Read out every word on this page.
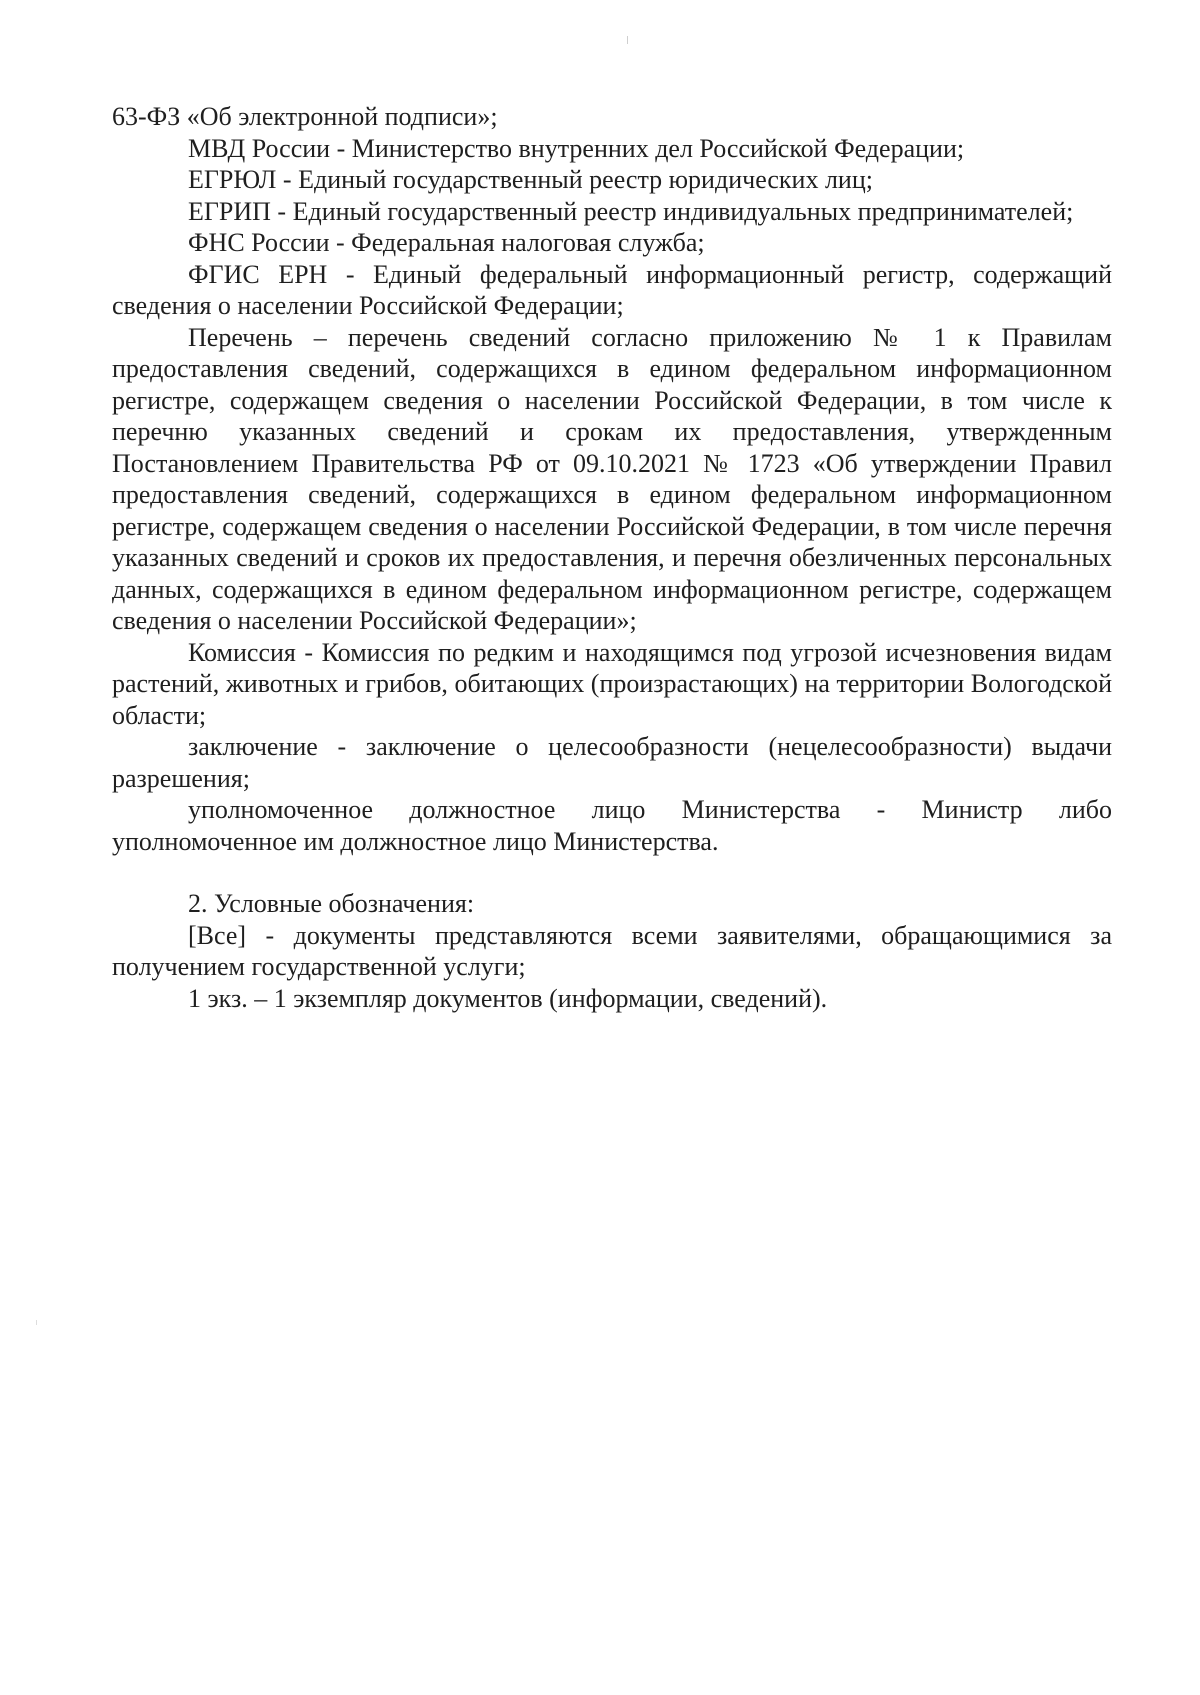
63-ФЗ «Об электронной подписи»;

МВД России - Министерство внутренних дел Российской Федерации;

ЕГРЮЛ - Единый государственный реестр юридических лиц;

ЕГРИП - Единый государственный реестр индивидуальных предпринимателей;

ФНС России - Федеральная налоговая служба;

ФГИС ЕРН - Единый федеральный информационный регистр, содержащий сведения о населении Российской Федерации;

Перечень – перечень сведений согласно приложению № 1 к Правилам предоставления сведений, содержащихся в едином федеральном информационном регистре, содержащем сведения о населении Российской Федерации, в том числе к перечню указанных сведений и срокам их предоставления, утвержденным Постановлением Правительства РФ от 09.10.2021 № 1723 «Об утверждении Правил предоставления сведений, содержащихся в едином федеральном информационном регистре, содержащем сведения о населении Российской Федерации, в том числе перечня указанных сведений и сроков их предоставления, и перечня обезличенных персональных данных, содержащихся в едином федеральном информационном регистре, содержащем сведения о населении Российской Федерации»;

Комиссия - Комиссия по редким и находящимся под угрозой исчезновения видам растений, животных и грибов, обитающих (произрастающих) на территории Вологодской области;

заключение - заключение о целесообразности (нецелесообразности) выдачи разрешения;

уполномоченное должностное лицо Министерства - Министр либо уполномоченное им должностное лицо Министерства.

2. Условные обозначения:

[Все] - документы представляются всеми заявителями, обращающимися за получением государственной услуги;

1 экз. – 1 экземпляр документов (информации, сведений).
